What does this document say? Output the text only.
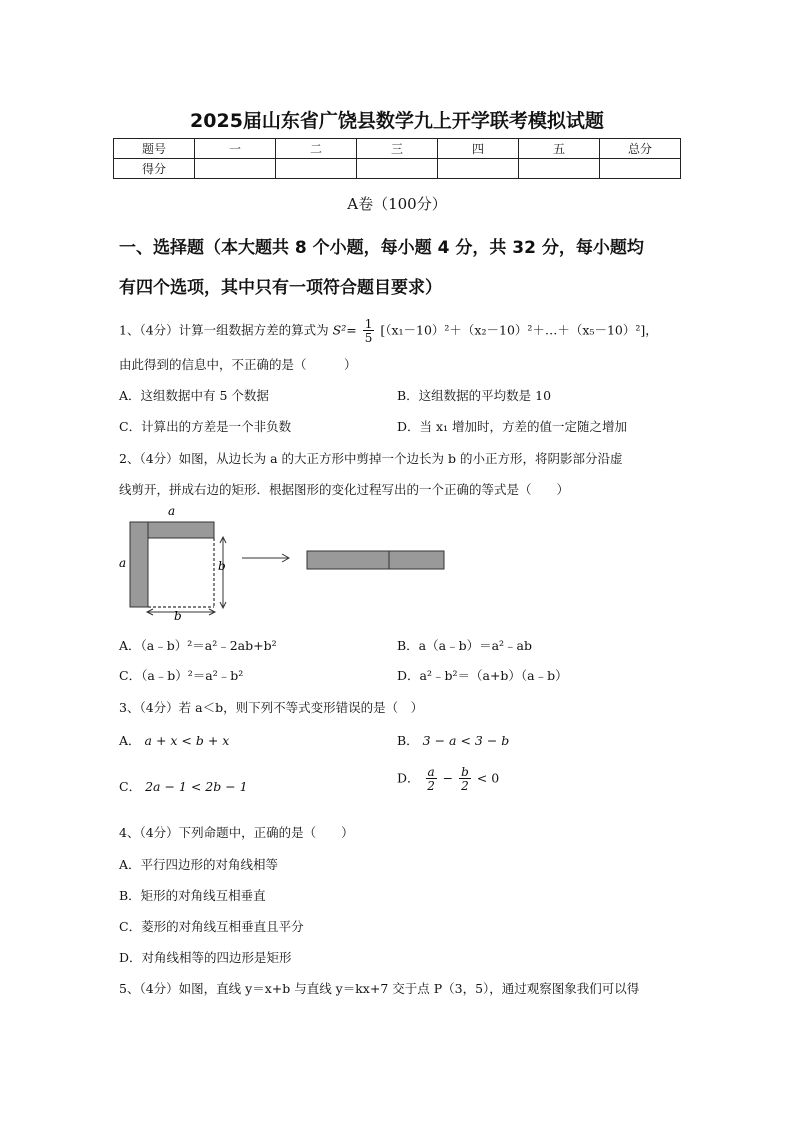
2025届山东省广饶县数学九上开学联考模拟试题
题号	一	二	三	四	五	总分
得分						
A卷（100分）
一、选择题（本大题共 8 个小题，每小题 4 分，共 32 分，每小题均
有四个选项，其中只有一项符合题目要求）
1、（4分）计算一组数据方差的算式为 $S^2= \frac{1}{5}$ [（x₁－10）²＋（x₂－10）²＋…＋（x₅－10）²]，
由此得到的信息中，不正确的是（　　　）
A．这组数据中有 5 个数据	B．这组数据的平均数是 10
C．计算出的方差是一个非负数	D．当 x₁ 增加时，方差的值一定随之增加
2、（4分）如图，从边长为 a 的大正方形中剪掉一个边长为 b 的小正方形，将阴影部分沿虚
线剪开，拼成右边的矩形．根据图形的变化过程写出的一个正确的等式是（　　）
a
a	b
b
A．（a﹣b）²＝a²﹣2ab+b²	B．a（a﹣b）＝a²﹣ab
C．（a﹣b）²＝a²﹣b²	D．a²﹣b²＝（a+b）（a﹣b）
3、（4分）若 a＜b，则下列不等式变形错误的是（　）
A． a + x < b + x	B． 3 − a < 3 − b
C． 2a − 1 < 2b − 1
D． $\frac{a}{2} - \frac{b}{2} < 0$
4、（4分）下列命题中，正确的是（　　）
A．平行四边形的对角线相等
B．矩形的对角线互相垂直
C．菱形的对角线互相垂直且平分
D．对角线相等的四边形是矩形
5、（4分）如图，直线 y＝x+b 与直线 y＝kx+7 交于点 P（3，5），通过观察图象我们可以得
